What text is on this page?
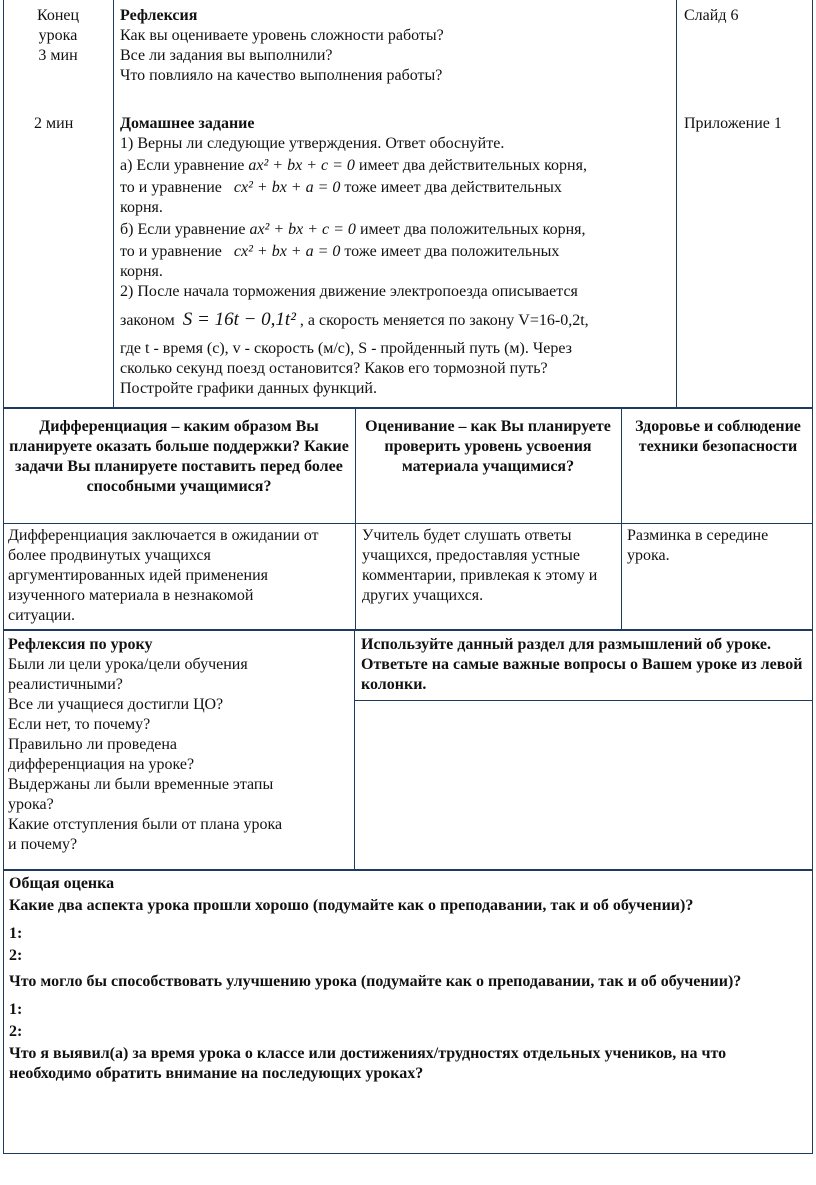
Конец
урока
3 мин
Рефлексия
Как вы оцениваете уровень сложности работы?
Все ли задания вы выполнили?
Что повлияло на качество выполнения работы?
Слайд 6
2 мин	Приложение 1
Домашнее задание
1) Верны ли следующие утверждения. Ответ обоснуйте.
а) Если уравнение ax² + bx + c = 0 имеет два действительных корня,
то и уравнение cx² + bx + a = 0 тоже имеет два действительных
корня.
б) Если уравнение ax² + bx + c = 0 имеет два положительных корня,
то и уравнение cx² + bx + a = 0 тоже имеет два положительных
корня.
2) После начала торможения движение электропоезда описывается
законом S = 16t − 0,1t² , а скорость меняется по закону V=16-0,2t,
где t - время (с), v - скорость (м/с), S - пройденный путь (м). Через
сколько секунд поезд остановится? Каков его тормозной путь?
Постройте графики данных функций.
Дифференциация – каким образом Вы планируете оказать больше поддержки? Какие задачи Вы планируете поставить перед более способными учащимися?
Оценивание – как Вы планируете проверить уровень усвоения материала учащимися?
Здоровье и соблюдение техники безопасности
Дифференциация заключается в ожидании от более продвинутых учащихся аргументированных идей применения изученного материала в незнакомой ситуации.
Учитель будет слушать ответы учащихся, предоставляя устные комментарии, привлекая к этому и других учащихся.
Разминка в середине урока.
Рефлексия по уроку
Были ли цели урока/цели обучения
реалистичными?
Все ли учащиеся достигли ЦО?
Если нет, то почему?
Правильно ли проведена
дифференциация на уроке?
Выдержаны ли были временные этапы
урока?
Какие отступления были от плана урока
и почему?
Используйте данный раздел для размышлений об уроке. Ответьте на самые важные вопросы о Вашем уроке из левой колонки.
Общая оценка
Какие два аспекта урока прошли хорошо (подумайте как о преподавании, так и об обучении)?
1:
2:
Что могло бы способствовать улучшению урока (подумайте как о преподавании, так и об обучении)?
1:
2:
Что я выявил(а) за время урока о классе или достижениях/трудностях отдельных учеников, на что необходимо обратить внимание на последующих уроках?
